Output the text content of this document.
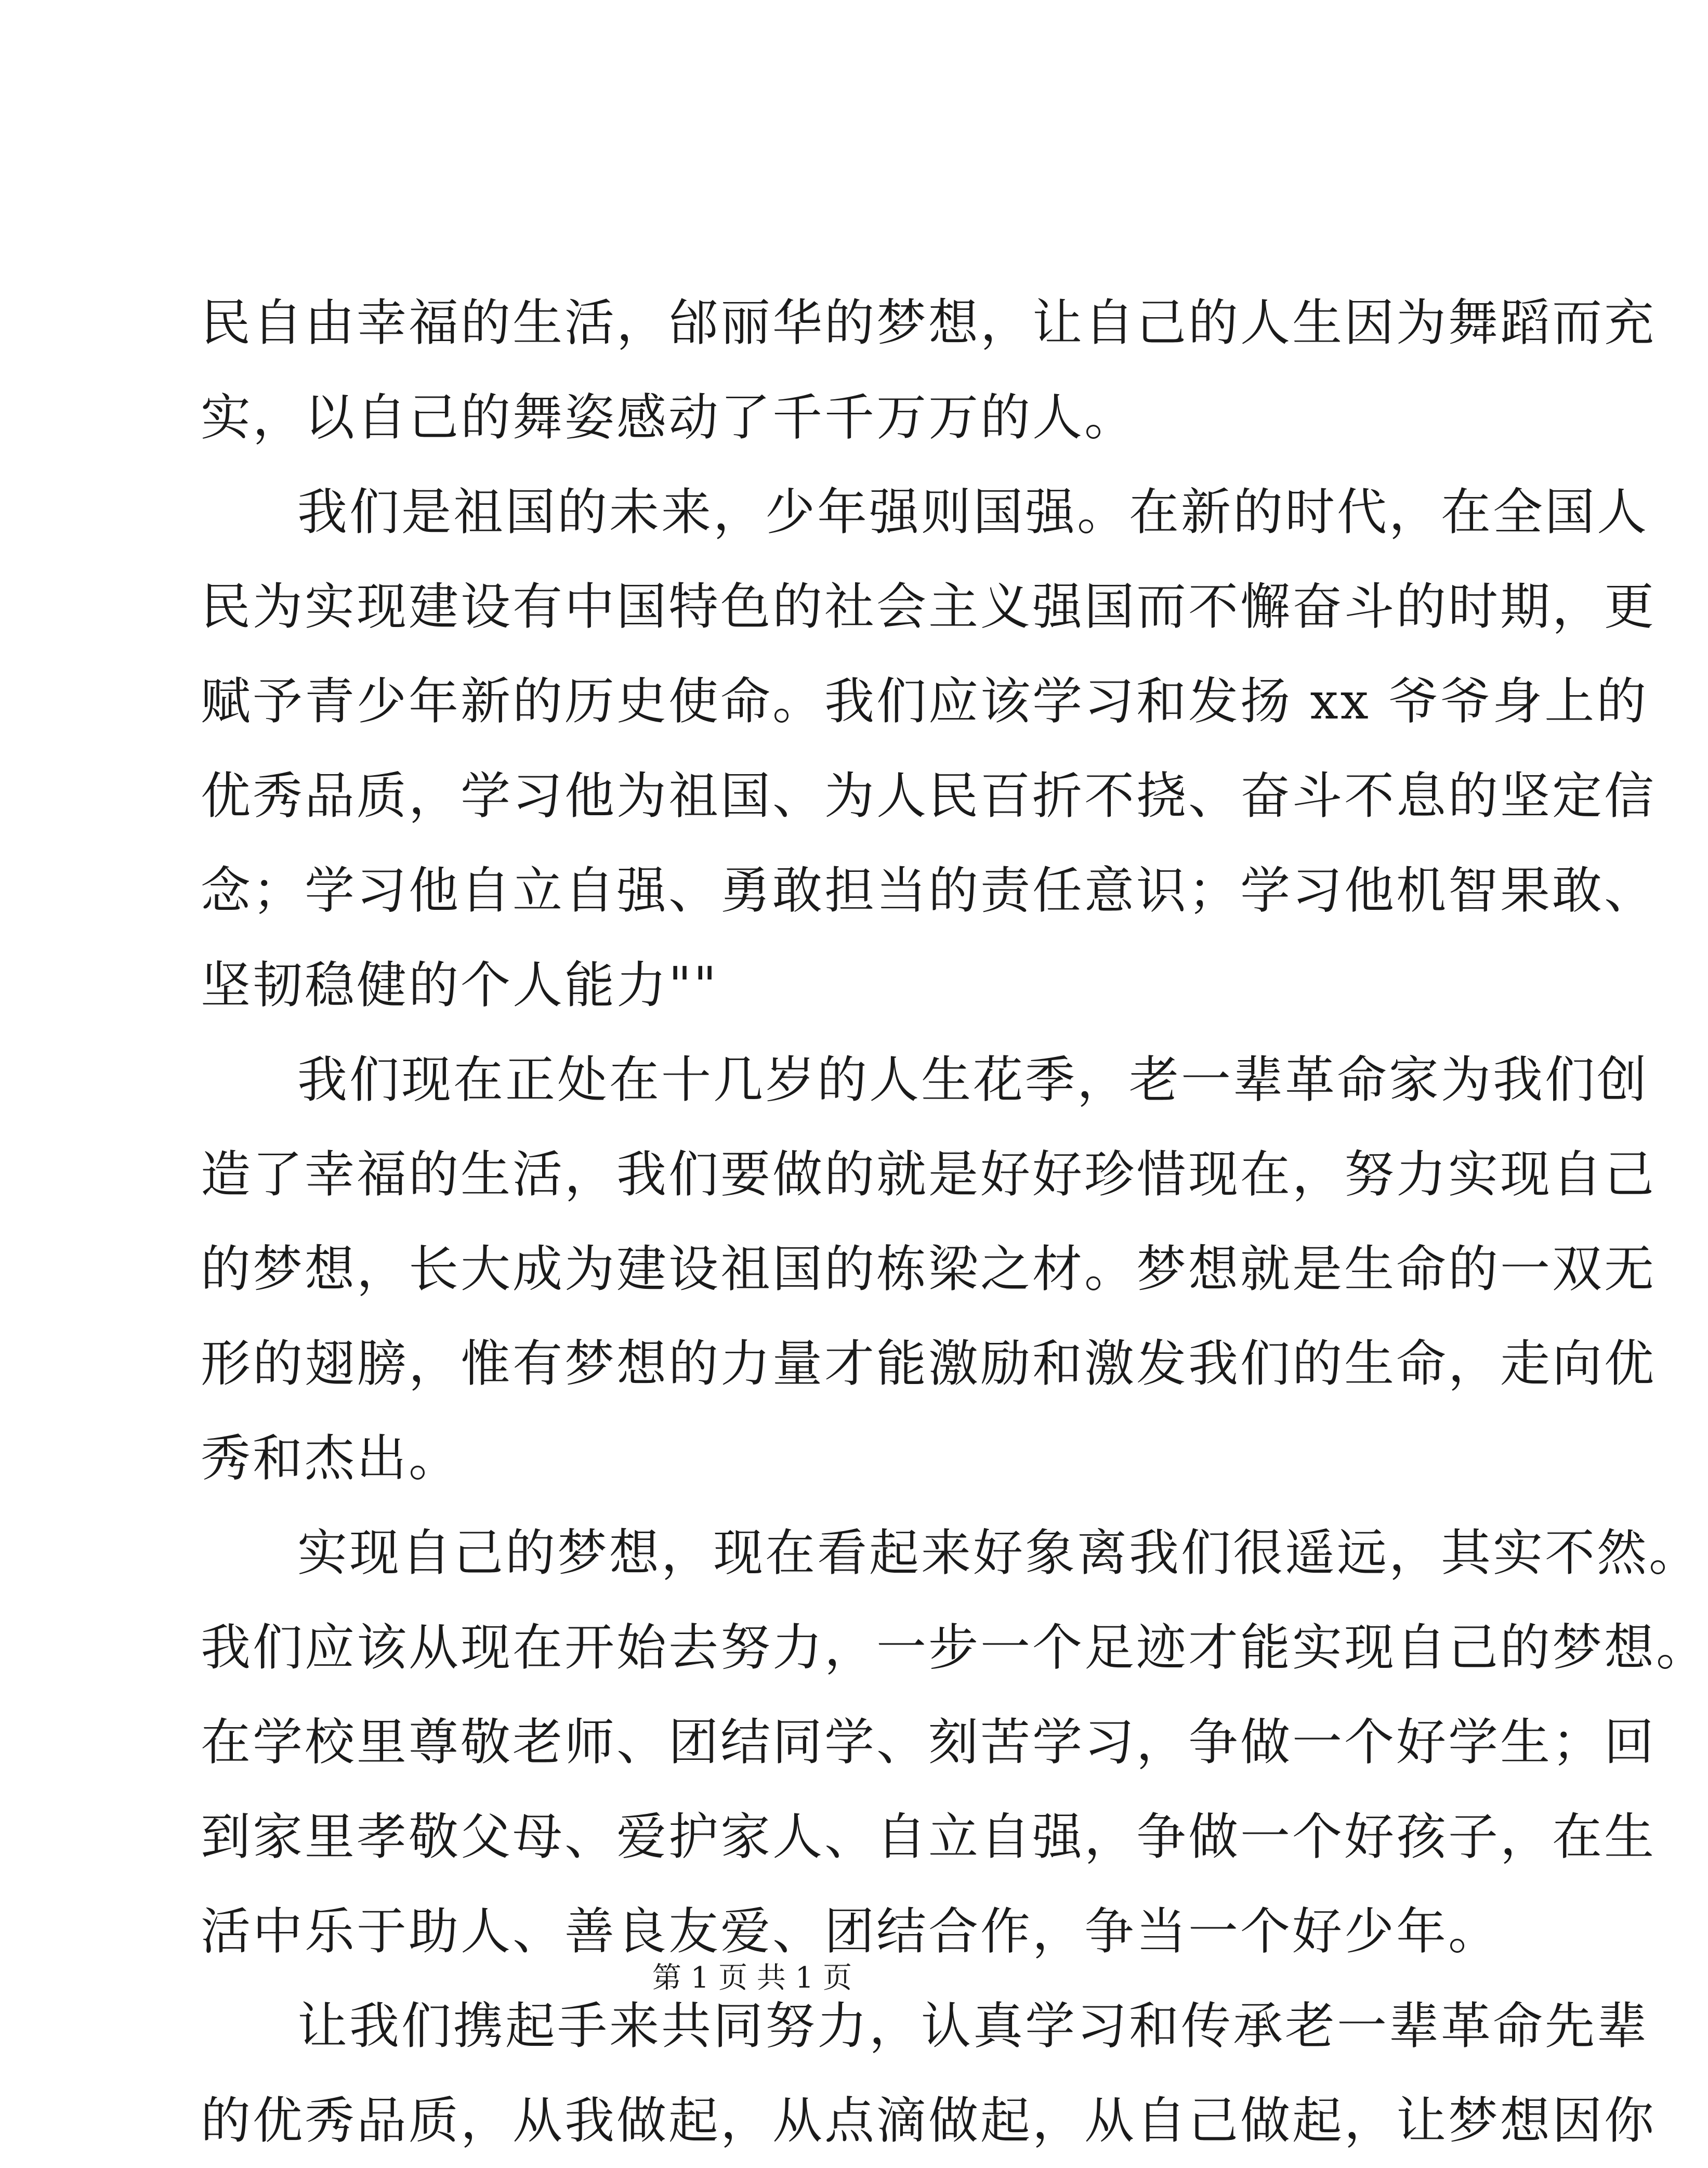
民自由幸福的生活，邰丽华的梦想，让自己的人生因为舞蹈而充
实，以自己的舞姿感动了千千万万的人。
我们是祖国的未来，少年强则国强。在新的时代，在全国人
民为实现建设有中国特色的社会主义强国而不懈奋斗的时期，更
赋予青少年新的历史使命。我们应该学习和发扬 xx 爷爷身上的
优秀品质，学习他为祖国、为人民百折不挠、奋斗不息的坚定信
念；学习他自立自强、勇敢担当的责任意识；学习他机智果敢、
坚韧稳健的个人能力""
我们现在正处在十几岁的人生花季，老一辈革命家为我们创
造了幸福的生活，我们要做的就是好好珍惜现在，努力实现自己
的梦想，长大成为建设祖国的栋梁之材。梦想就是生命的一双无
形的翅膀，惟有梦想的力量才能激励和激发我们的生命，走向优
秀和杰出。
实现自己的梦想，现在看起来好象离我们很遥远，其实不然。
我们应该从现在开始去努力，一步一个足迹才能实现自己的梦想。
在学校里尊敬老师、团结同学、刻苦学习，争做一个好学生；回
到家里孝敬父母、爱护家人、自立自强，争做一个好孩子，在生
活中乐于助人、善良友爱、团结合作，争当一个好少年。
让我们携起手来共同努力，认真学习和传承老一辈革命先辈
的优秀品质，从我做起，从点滴做起，从自己做起，让梦想因你
第 1 页 共 1 页
